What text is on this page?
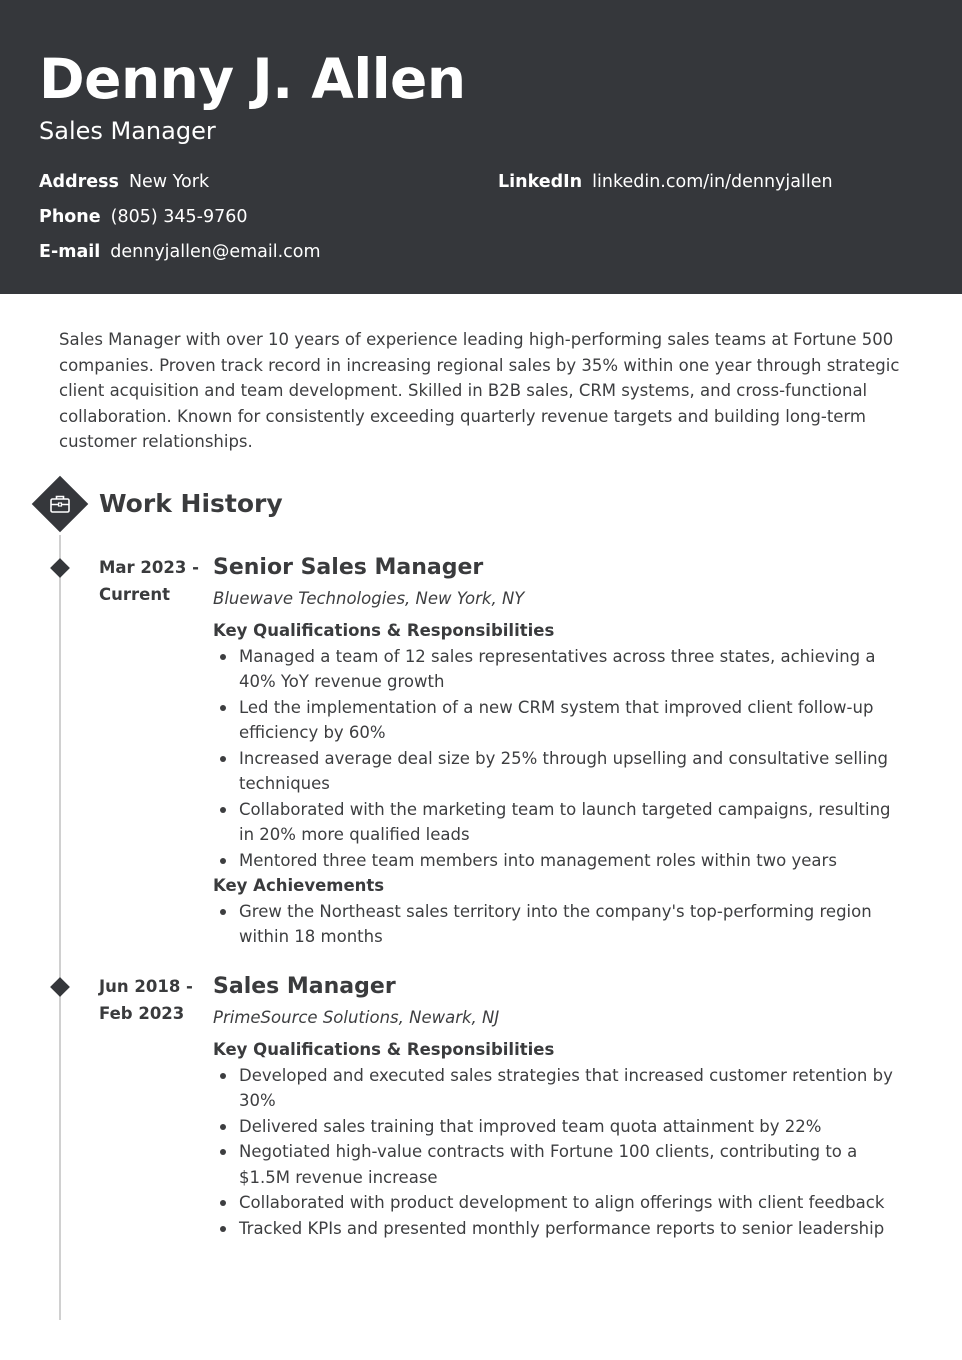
Denny J. Allen
Sales Manager
Address New York
Phone (805) 345-9760
E-mail dennyjallen@email.com
LinkedIn linkedin.com/in/dennyjallen

Sales Manager with over 10 years of experience leading high-performing sales teams at Fortune 500 companies. Proven track record in increasing regional sales by 35% within one year through strategic client acquisition and team development. Skilled in B2B sales, CRM systems, and cross-functional collaboration. Known for consistently exceeding quarterly revenue targets and building long-term customer relationships.

Work History
Mar 2023 -
Current
Senior Sales Manager

Bluewave Technologies, New York, NY

Key Qualifications & Responsibilities

Managed a team of 12 sales representatives across three states, achieving a 40% YoY revenue growth
Led the implementation of a new CRM system that improved client follow-up efficiency by 60%
Increased average deal size by 25% through upselling and consultative selling techniques
Collaborated with the marketing team to launch targeted campaigns, resulting in 20% more qualified leads
Mentored three team members into management roles within two years

Key Achievements

Grew the Northeast sales territory into the company's top-performing region within 18 months
Jun 2018 -
Feb 2023
Sales Manager

PrimeSource Solutions, Newark, NJ

Key Qualifications & Responsibilities

Developed and executed sales strategies that increased customer retention by 30%
Delivered sales training that improved team quota attainment by 22%
Negotiated high-value contracts with Fortune 100 clients, contributing to a $1.5M revenue increase
Collaborated with product development to align offerings with client feedback
Tracked KPIs and presented monthly performance reports to senior leadership
